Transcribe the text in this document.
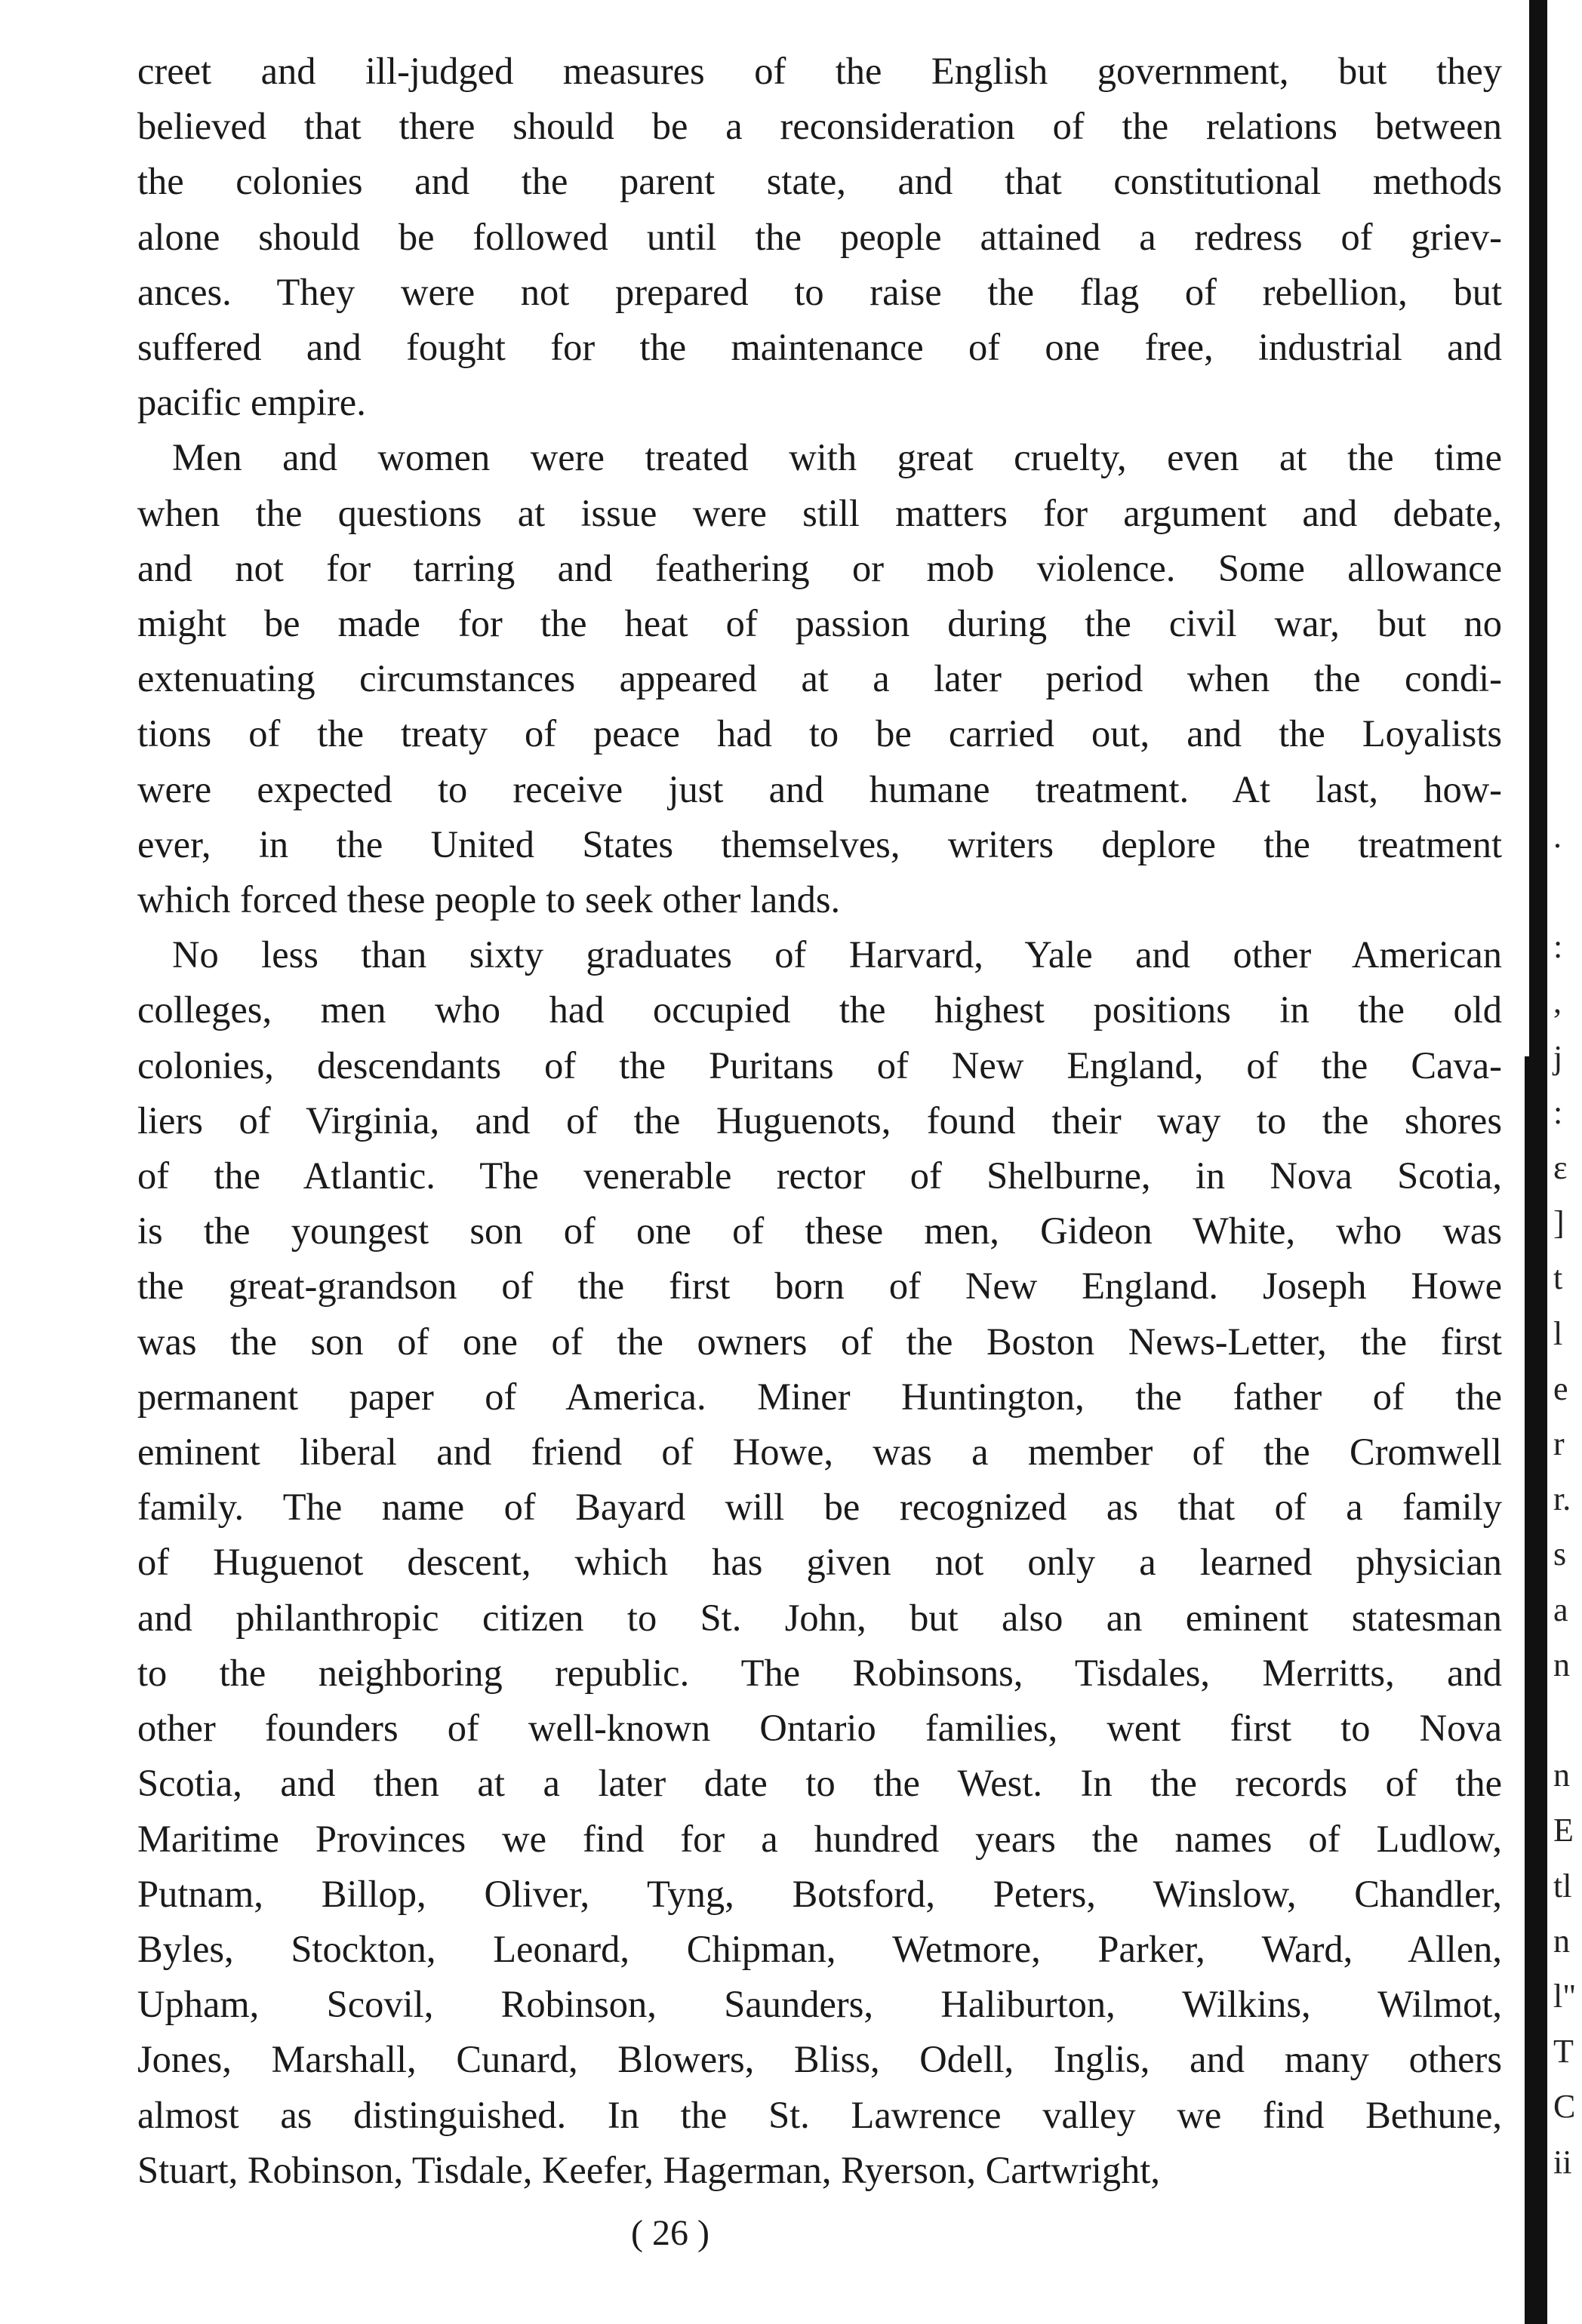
creet and ill-judged measures of the English government, but they
believed that there should be a reconsideration of the relations between
the colonies and the parent state, and that constitutional methods
alone should be followed until the people attained a redress of griev-
ances. They were not prepared to raise the flag of rebellion, but
suffered and fought for the maintenance of one free, industrial and
pacific empire.

Men and women were treated with great cruelty, even at the time
when the questions at issue were still matters for argument and debate,
and not for tarring and feathering or mob violence. Some allowance
might be made for the heat of passion during the civil war, but no
extenuating circumstances appeared at a later period when the condi-
tions of the treaty of peace had to be carried out, and the Loyalists
were expected to receive just and humane treatment. At last, how-
ever, in the United States themselves, writers deplore the treatment
which forced these people to seek other lands.

No less than sixty graduates of Harvard, Yale and other American
colleges, men who had occupied the highest positions in the old
colonies, descendants of the Puritans of New England, of the Cava-
liers of Virginia, and of the Huguenots, found their way to the shores
of the Atlantic. The venerable rector of Shelburne, in Nova Scotia,
is the youngest son of one of these men, Gideon White, who was
the great-grandson of the first born of New England. Joseph Howe
was the son of one of the owners of the Boston News-Letter, the first
permanent paper of America. Miner Huntington, the father of the
eminent liberal and friend of Howe, was a member of the Cromwell
family. The name of Bayard will be recognized as that of a family
of Huguenot descent, which has given not only a learned physician
and philanthropic citizen to St. John, but also an eminent statesman
to the neighboring republic. The Robinsons, Tisdales, Merritts, and
other founders of well-known Ontario families, went first to Nova
Scotia, and then at a later date to the West. In the records of the
Maritime Provinces we find for a hundred years the names of Ludlow,
Putnam, Billop, Oliver, Tyng, Botsford, Peters, Winslow, Chandler,
Byles, Stockton, Leonard, Chipman, Wetmore, Parker, Ward, Allen,
Upham, Scovil, Robinson, Saunders, Haliburton, Wilkins, Wilmot,
Jones, Marshall, Cunard, Blowers, Bliss, Odell, Inglis, and many others
almost as distinguished. In the St. Lawrence valley we find Bethune,
Stuart, Robinson, Tisdale, Keefer, Hagerman, Ryerson, Cartwright,

( 26 )
.
:
,
j
:
ɛ
]
t
l
e
r
r.
s
a
n
n
E
tl
n
l"
T
C
ii
